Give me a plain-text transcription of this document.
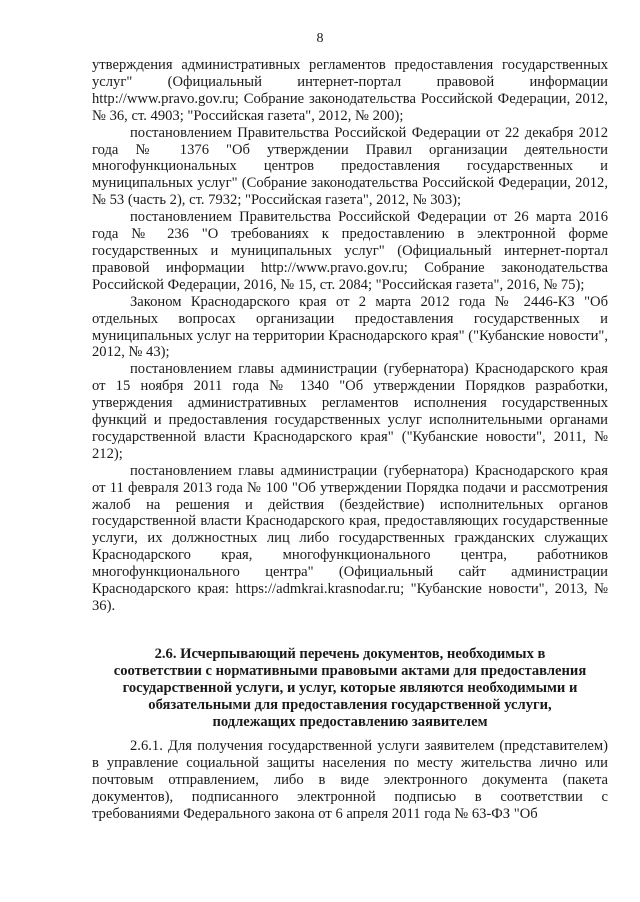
8

утверждения административных регламентов предоставления государственных услуг" (Официальный интернет-портал правовой информации http://www.pravo.gov.ru; Собрание законодательства Российской Федерации, 2012, № 36, ст. 4903; "Российская газета", 2012, № 200);

постановлением Правительства Российской Федерации от 22 декабря 2012 года № 1376 "Об утверждении Правил организации деятельности многофункциональных центров предоставления государственных и муниципальных услуг" (Собрание законодательства Российской Федерации, 2012, № 53 (часть 2), ст. 7932; "Российская газета", 2012, № 303);

постановлением Правительства Российской Федерации от 26 марта 2016 года № 236 "О требованиях к предоставлению в электронной форме государственных и муниципальных услуг" (Официальный интернет-портал правовой информации http://www.pravo.gov.ru; Собрание законодательства Российской Федерации, 2016, № 15, ст. 2084; "Российская газета", 2016, № 75);

Законом Краснодарского края от 2 марта 2012 года № 2446-КЗ "Об отдельных вопросах организации предоставления государственных и муниципальных услуг на территории Краснодарского края" ("Кубанские новости", 2012, № 43);

постановлением главы администрации (губернатора) Краснодарского края от 15 ноября 2011 года № 1340 "Об утверждении Порядков разработки, утверждения административных регламентов исполнения государственных функций и предоставления государственных услуг исполнительными органами государственной власти Краснодарского края" ("Кубанские новости", 2011, № 212);

постановлением главы администрации (губернатора) Краснодарского края от 11 февраля 2013 года № 100 "Об утверждении Порядка подачи и рассмотрения жалоб на решения и действия (бездействие) исполнительных органов государственной власти Краснодарского края, предоставляющих государственные услуги, их должностных лиц либо государственных гражданских служащих Краснодарского края, многофункционального центра, работников многофункционального центра" (Официальный сайт администрации Краснодарского края: https://admkrai.krasnodar.ru; "Кубанские новости", 2013, № 36).

2.6. Исчерпывающий перечень документов, необходимых в соответствии с нормативными правовыми актами для предоставления государственной услуги, и услуг, которые являются необходимыми и обязательными для предоставления государственной услуги, подлежащих предоставлению заявителем

2.6.1. Для получения государственной услуги заявителем (представителем) в управление социальной защиты населения по месту жительства лично или почтовым отправлением, либо в виде электронного документа (пакета документов), подписанного электронной подписью в соответствии с требованиями Федерального закона от 6 апреля 2011 года № 63-ФЗ "Об
